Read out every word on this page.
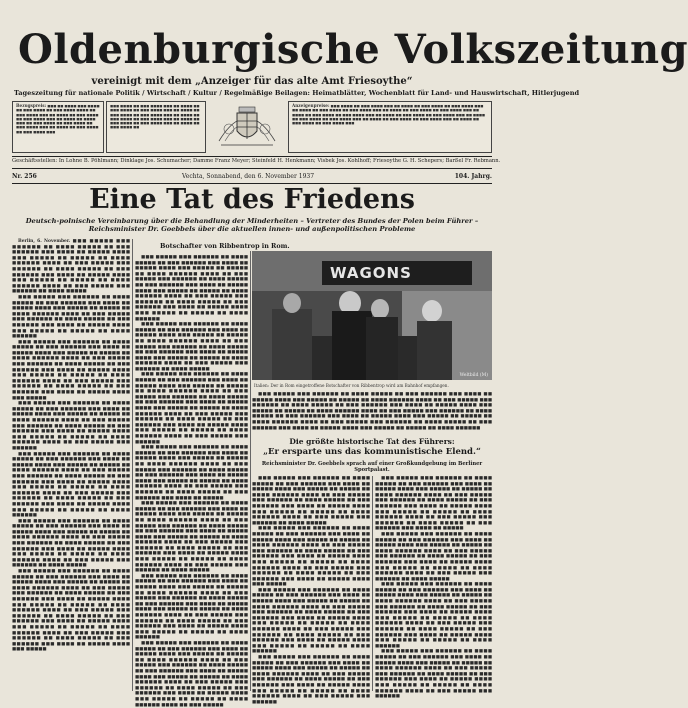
Oldenburgische Volkszeitung
vereinigt mit dem „Anzeiger für das alte Amt Friesoythe“
Tageszeitung für nationale Politik / Wirtschaft / Kultur / Regelmäßige Beilagen: Heimatblätter, Wochenblatt für Land- und Hauswirtschaft, Hitlerjugend
Bezugspreis: ■■■ ■■ ■■■■ ■■■ ■■■■ ■■ ■■■ ■■■■ ■■ ■■■ ■■■■ ■■■■ ■■ ■■■ ■■■■ ■■■ ■■ ■■■■ ■■ ■■■ ■■■■ ■■ ■■■ ■■■■ ■■■ ■■ ■■■■ ■■ ■■■■ ■■■ ■■ ■■■ ■■■■ ■■ ■■■ ■■■■ ■■ ■■■ ■■■■ ■■■ ■■ ■■■■ ■■ ■■■ ■■■■ ■■ ■■■ ■■■■ ■■■
■■■ ■■■■ ■■ ■■■ ■■■■ ■■■ ■■ ■■■■ ■■ ■■■ ■■■■ ■■ ■■■ ■■■■ ■■■ ■■ ■■■■ ■■ ■■■ ■■■■ ■■ ■■■ ■■■■ ■■■ ■■ ■■■■ ■■ ■■■ ■■■■ ■■ ■■■ ■■■■ ■■■ ■■ ■■■■ ■■ ■■■ ■■■■ ■■ ■■■ ■■■■ ■■■ ■■ ■■■■ ■■ ■■■ ■■■■ ■■
Anzeigenpreise: ■■■ ■■■■ ■■ ■■■ ■■■■ ■■■ ■■ ■■■■ ■■ ■■■ ■■■■ ■■ ■■■ ■■■■ ■■■ ■■ ■■■■ ■■ ■■■ ■■■■ ■■ ■■■ ■■■■ ■■■ ■■ ■■■■ ■■ ■■■ ■■■■ ■■ ■■■ ■■■■ ■■■ ■■ ■■■■ ■■ ■■■ ■■■■ ■■ ■■■ ■■■■ ■■■ ■■ ■■■■ ■■ ■■■ ■■■■ ■■ ■■■ ■■■■ ■■■ ■■ ■■■■ ■■ ■■■ ■■■■ ■■ ■■■ ■■■■ ■■■ ■■ ■■■■ ■■ ■■■ ■■■■ ■■ ■■■ ■■■■ ■■■ ■■ ■■■■ ■■ ■■■ ■■■■ ■■ ■■■ ■■■■ ■■■
Geschäftsstellen: In Lohne B. Pöhlmann; Dinklage Jos. Schumacher; Damme Franz Meyer; Steinfeld H. Henkmann; Visbek Jos. Kohlhoff; Friesoythe G. H. Schepers; Barßel Fr. Rebmann.
Nr. 256	Vechta, Sonnabend, den 6. November 1937	104. Jahrg.
Eine Tat des Friedens
Deutsch-polnische Vereinbarung über die Behandlung der Minderheiten – Vertreter des Bundes der Polen beim Führer – Reichsminister Dr. Goebbels über die aktuellen innen- und außenpolitischen Probleme
Botschafter von Ribbentrop in Rom.

Berlin, 6. November. ■■■ ■■■■■ ■■■ ■■■■■■ ■■ ■■■■ ■■■■■ ■■ ■■■ ■■■■■■ ■■■ ■■■■ ■■ ■■■■■ ■■■■ ■■■ ■■■■■ ■■ ■■■■■ ■■ ■■■■ ■■■■■■ ■■■■ ■■ ■■■ ■■■■■ ■■■ ■■■■■■ ■■ ■■■■ ■■■■■ ■■ ■■■ ■■■■■■ ■■■ ■■■■ ■■ ■■■■■ ■■■■ ■■■ ■■■■■ ■■ ■■■■■ ■■ ■■■■ ■■■■■■ ■■■■ ■■ ■■■ ■■■■■ ■■■ ■■■■■■ ■■ ■■■■ ■■■■■

■■■ ■■■■■ ■■■ ■■■■■■ ■■ ■■■■ ■■■■■ ■■ ■■■ ■■■■■■ ■■■ ■■■■ ■■ ■■■■■ ■■■■ ■■■ ■■■■■ ■■ ■■■■■ ■■ ■■■■ ■■■■■■ ■■■■ ■■ ■■■ ■■■■■ ■■■ ■■■■■■ ■■ ■■■■ ■■■■■ ■■ ■■■ ■■■■■■ ■■■ ■■■■ ■■ ■■■■■ ■■■■ ■■■ ■■■■■ ■■ ■■■■■ ■■ ■■■■ ■■■■■■

■■■ ■■■■■ ■■■ ■■■■■■ ■■ ■■■■ ■■■■■ ■■ ■■■ ■■■■■■ ■■■ ■■■■ ■■ ■■■■■ ■■■■ ■■■ ■■■■■ ■■ ■■■■■ ■■ ■■■■ ■■■■■■ ■■■■ ■■ ■■■ ■■■■■ ■■■ ■■■■■■ ■■ ■■■■ ■■■■■ ■■ ■■■ ■■■■■■ ■■■ ■■■■ ■■ ■■■■■ ■■■■ ■■■ ■■■■■ ■■ ■■■■■ ■■ ■■■■ ■■■■■■ ■■■■ ■■ ■■■ ■■■■■ ■■■ ■■■■■■ ■■ ■■■■ ■■■■■ ■■ ■■■ ■■■■■■ ■■■ ■■■■ ■■ ■■■■■ ■■■■ ■■■ ■■■■■

■■■ ■■■■■ ■■■ ■■■■■■ ■■ ■■■■ ■■■■■ ■■ ■■■ ■■■■■■ ■■■ ■■■■ ■■ ■■■■■ ■■■■ ■■■ ■■■■■ ■■ ■■■■■ ■■ ■■■■ ■■■■■■ ■■■■ ■■ ■■■ ■■■■■ ■■■ ■■■■■■ ■■ ■■■■ ■■■■■ ■■ ■■■ ■■■■■■ ■■■ ■■■■ ■■ ■■■■■ ■■■■ ■■■ ■■■■■ ■■ ■■■■■ ■■ ■■■■ ■■■■■■ ■■■■ ■■ ■■■ ■■■■■ ■■■ ■■■■■■

■■■ ■■■■■ ■■■ ■■■■■■ ■■ ■■■■ ■■■■■ ■■ ■■■ ■■■■■■ ■■■ ■■■■ ■■ ■■■■■ ■■■■ ■■■ ■■■■■ ■■ ■■■■■ ■■ ■■■■ ■■■■■■ ■■■■ ■■ ■■■ ■■■■■ ■■■ ■■■■■■ ■■ ■■■■ ■■■■■ ■■ ■■■ ■■■■■■ ■■■ ■■■■ ■■ ■■■■■ ■■■■ ■■■ ■■■■■ ■■ ■■■■■ ■■ ■■■■ ■■■■■■ ■■■■ ■■ ■■■ ■■■■■ ■■■ ■■■■■■ ■■ ■■■■ ■■■■■ ■■ ■■■ ■■■■■■ ■■■ ■■■■ ■■ ■■■■■ ■■■■ ■■■ ■■■■■ ■■ ■■■■■ ■■ ■■■■ ■■■■■■

■■■ ■■■■■ ■■■ ■■■■■■ ■■ ■■■■ ■■■■■ ■■ ■■■ ■■■■■■ ■■■ ■■■■ ■■ ■■■■■ ■■■■ ■■■ ■■■■■ ■■ ■■■■■ ■■ ■■■■ ■■■■■■ ■■■■ ■■ ■■■ ■■■■■ ■■■ ■■■■■■ ■■ ■■■■ ■■■■■ ■■ ■■■ ■■■■■■ ■■■ ■■■■ ■■ ■■■■■ ■■■■ ■■■ ■■■■■ ■■ ■■■■■ ■■ ■■■■ ■■■■■■ ■■■■ ■■ ■■■ ■■■■■ ■■■ ■■■■■■ ■■ ■■■■ ■■■■■

■■■ ■■■■■ ■■■ ■■■■■■ ■■ ■■■■ ■■■■■ ■■ ■■■ ■■■■■■ ■■■ ■■■■ ■■ ■■■■■ ■■■■ ■■■ ■■■■■ ■■ ■■■■■ ■■ ■■■■ ■■■■■■ ■■■■ ■■ ■■■ ■■■■■ ■■■ ■■■■■■ ■■ ■■■■ ■■■■■ ■■ ■■■ ■■■■■■ ■■■ ■■■■ ■■ ■■■■■ ■■■■ ■■■ ■■■■■ ■■ ■■■■■ ■■ ■■■■ ■■■■■■ ■■■■ ■■ ■■■ ■■■■■ ■■■ ■■■■■■ ■■ ■■■■ ■■■■■ ■■ ■■■ ■■■■■■ ■■■ ■■■■ ■■ ■■■■■ ■■■■ ■■■ ■■■■■ ■■ ■■■■■ ■■ ■■■■ ■■■■■■ ■■■■ ■■ ■■■ ■■■■■ ■■■ ■■■■■■ ■■ ■■■■ ■■■■■ ■■ ■■■ ■■■■■■ ■■■ ■■■■ ■■ ■■■■■ ■■■■ ■■■ ■■■■■

■■■ ■■■■■ ■■■ ■■■■■■ ■■ ■■■■ ■■■■■ ■■ ■■■ ■■■■■■ ■■■ ■■■■ ■■ ■■■■■ ■■■■ ■■■ ■■■■■ ■■ ■■■■■ ■■ ■■■■ ■■■■■■ ■■■■ ■■ ■■■ ■■■■■ ■■■ ■■■■■■ ■■ ■■■■ ■■■■■ ■■ ■■■ ■■■■■■ ■■■ ■■■■ ■■ ■■■■■ ■■■■ ■■■ ■■■■■ ■■ ■■■■■ ■■ ■■■■ ■■■■■■ ■■■■ ■■ ■■■ ■■■■■ ■■■ ■■■■■■ ■■ ■■■■ ■■■■■ ■■ ■■■ ■■■■■■ ■■■ ■■■■ ■■ ■■■■■ ■■■■ ■■■ ■■■■■ ■■ ■■■■■ ■■ ■■■■ ■■■■■■

■■■ ■■■■■ ■■■ ■■■■■■ ■■ ■■■■ ■■■■■ ■■ ■■■ ■■■■■■ ■■■ ■■■■ ■■ ■■■■■ ■■■■ ■■■ ■■■■■ ■■ ■■■■■ ■■ ■■■■ ■■■■■■ ■■■■ ■■ ■■■ ■■■■■ ■■■ ■■■■■■ ■■ ■■■■ ■■■■■ ■■ ■■■ ■■■■■■ ■■■ ■■■■ ■■ ■■■■■ ■■■■ ■■■ ■■■■■ ■■ ■■■■■ ■■ ■■■■ ■■■■■■ ■■■■ ■■ ■■■ ■■■■■ ■■■ ■■■■■■ ■■ ■■■■ ■■■■■

■■■ ■■■■■ ■■■ ■■■■■■ ■■ ■■■■ ■■■■■ ■■ ■■■ ■■■■■■ ■■■ ■■■■ ■■ ■■■■■ ■■■■ ■■■ ■■■■■ ■■ ■■■■■ ■■ ■■■■ ■■■■■■ ■■■■ ■■ ■■■ ■■■■■ ■■■ ■■■■■■ ■■ ■■■■ ■■■■■ ■■ ■■■ ■■■■■■ ■■■ ■■■■ ■■ ■■■■■ ■■■■ ■■■ ■■■■■ ■■ ■■■■■ ■■ ■■■■ ■■■■■■ ■■■■ ■■ ■■■ ■■■■■ ■■■ ■■■■■■ ■■ ■■■■ ■■■■■ ■■ ■■■ ■■■■■■ ■■■ ■■■■ ■■ ■■■■■ ■■■■ ■■■ ■■■■■ ■■ ■■■■■ ■■ ■■■■ ■■■■■■ ■■■■ ■■ ■■■ ■■■■■ ■■■ ■■■■■■

■■■ ■■■■■ ■■■ ■■■■■■ ■■ ■■■■ ■■■■■ ■■ ■■■ ■■■■■■ ■■■ ■■■■ ■■ ■■■■■ ■■■■ ■■■ ■■■■■ ■■ ■■■■■ ■■ ■■■■ ■■■■■■ ■■■■ ■■ ■■■ ■■■■■ ■■■ ■■■■■■ ■■ ■■■■ ■■■■■ ■■ ■■■ ■■■■■■ ■■■ ■■■■ ■■ ■■■■■ ■■■■ ■■■ ■■■■■ ■■ ■■■■■ ■■ ■■■■ ■■■■■■ ■■■■ ■■ ■■■ ■■■■■ ■■■ ■■■■■■ ■■ ■■■■ ■■■■■ ■■ ■■■ ■■■■■■ ■■■ ■■■■ ■■ ■■■■■

■■■ ■■■■■ ■■■ ■■■■■■ ■■ ■■■■ ■■■■■ ■■ ■■■ ■■■■■■ ■■■ ■■■■ ■■ ■■■■■ ■■■■ ■■■ ■■■■■ ■■ ■■■■■ ■■ ■■■■ ■■■■■■ ■■■■ ■■ ■■■ ■■■■■ ■■■ ■■■■■■ ■■ ■■■■ ■■■■■ ■■ ■■■ ■■■■■■ ■■■ ■■■■ ■■ ■■■■■ ■■■■ ■■■ ■■■■■ ■■ ■■■■■ ■■ ■■■■ ■■■■■■ ■■■■ ■■ ■■■ ■■■■■ ■■■ ■■■■■■ ■■ ■■■■ ■■■■■ ■■ ■■■ ■■■■■■ ■■■ ■■■■ ■■ ■■■■■ ■■■■ ■■■ ■■■■■ ■■ ■■■■■ ■■ ■■■■ ■■■■■■ ■■■■ ■■ ■■■ ■■■■■ ■■■ ■■■■■■ ■■ ■■■■ ■■■■■

■■■ ■■■■■ ■■■ ■■■■■■ ■■ ■■■■ ■■■■■ ■■ ■■■ ■■■■■■ ■■■ ■■■■ ■■ ■■■■■ ■■■■ ■■■ ■■■■■ ■■ ■■■■■ ■■ ■■■■ ■■■■■■ ■■■■ ■■ ■■■ ■■■■■ ■■■ ■■■■■■ ■■ ■■■■ ■■■■■ ■■ ■■■ ■■■■■■ ■■■ ■■■■ ■■ ■■■■■ ■■■■ ■■■ ■■■■■ ■■ ■■■■■ ■■ ■■■■ ■■■■■■ ■■■■ ■■ ■■■ ■■■■■ ■■■ ■■■■■■ ■■ ■■■■ ■■■■■ ■■ ■■■ ■■■■■■ ■■■ ■■■■ ■■ ■■■■■ ■■■■ ■■■ ■■■■■ ■■ ■■■■■ ■■ ■■■■ ■■■■■■

■■■ ■■■■■ ■■■ ■■■■■■ ■■ ■■■■ ■■■■■ ■■ ■■■ ■■■■■■ ■■■ ■■■■ ■■ ■■■■■ ■■■■ ■■■ ■■■■■ ■■ ■■■■■ ■■ ■■■■ ■■■■■■ ■■■■ ■■ ■■■ ■■■■■ ■■■ ■■■■■■ ■■ ■■■■ ■■■■■ ■■ ■■■ ■■■■■■ ■■■ ■■■■ ■■ ■■■■■ ■■■■ ■■■ ■■■■■ ■■ ■■■■■ ■■ ■■■■ ■■■■■■ ■■■■ ■■ ■■■ ■■■■■ ■■■ ■■■■■■ ■■ ■■■■ ■■■■■ ■■ ■■■ ■■■■■■ ■■■ ■■■■ ■■ ■■■■■ ■■■■ ■■■ ■■■■■ ■■ ■■■■■ ■■ ■■■■ ■■■■■■ ■■■■ ■■ ■■■ ■■■■■

WAGONS
Weltbild (M)
Italien: Der in Rom eingetroffene Botschafter von Ribbentrop wird am Bahnhof empfangen.

■■■ ■■■■■ ■■■ ■■■■■■ ■■ ■■■■ ■■■■■ ■■ ■■■ ■■■■■■ ■■■ ■■■■ ■■ ■■■■■ ■■■■ ■■■ ■■■■■ ■■ ■■■■■ ■■ ■■■■ ■■■■■■ ■■■■ ■■ ■■■ ■■■■■ ■■■ ■■■■■■ ■■ ■■■■ ■■■■■ ■■ ■■■ ■■■■■■ ■■■ ■■■■ ■■ ■■■■■ ■■■■ ■■■ ■■■■■ ■■ ■■■■■ ■■ ■■■■ ■■■■■■ ■■■■ ■■ ■■■ ■■■■■ ■■■ ■■■■■■ ■■ ■■■■ ■■■■■ ■■ ■■■ ■■■■■■ ■■■ ■■■■ ■■ ■■■■■ ■■■■ ■■■ ■■■■■ ■■ ■■■■■ ■■ ■■■■ ■■■■■■ ■■■■ ■■ ■■■ ■■■■■ ■■■ ■■■■■■ ■■ ■■■■ ■■■■■ ■■ ■■■ ■■■■■■ ■■■ ■■■■ ■■ ■■■■■ ■■■■ ■■■ ■■■■■ ■■ ■■■■■ ■■ ■■■■ ■■■■■■

Die größte historische Tat des Führers:
„Er ersparte uns das kommunistische Elend.“
Reichsminister Dr. Goebbels sprach auf einer Großkundgebung im Berliner Sportpalast.

■■■ ■■■■■ ■■■ ■■■■■■ ■■ ■■■■ ■■■■■ ■■ ■■■ ■■■■■■ ■■■ ■■■■ ■■ ■■■■■ ■■■■ ■■■ ■■■■■ ■■ ■■■■■ ■■ ■■■■ ■■■■■■ ■■■■ ■■ ■■■ ■■■■■ ■■■ ■■■■■■ ■■ ■■■■ ■■■■■ ■■ ■■■ ■■■■■■ ■■■ ■■■■ ■■ ■■■■■ ■■■■ ■■■ ■■■■■ ■■ ■■■■■ ■■ ■■■■ ■■■■■■ ■■■■ ■■ ■■■ ■■■■■ ■■■ ■■■■■■ ■■ ■■■■ ■■■■■

■■■ ■■■■■ ■■■ ■■■■■■ ■■ ■■■■ ■■■■■ ■■ ■■■ ■■■■■■ ■■■ ■■■■ ■■ ■■■■■ ■■■■ ■■■ ■■■■■ ■■ ■■■■■ ■■ ■■■■ ■■■■■■ ■■■■ ■■ ■■■ ■■■■■ ■■■ ■■■■■■ ■■ ■■■■ ■■■■■ ■■ ■■■ ■■■■■■ ■■■ ■■■■ ■■ ■■■■■ ■■■■ ■■■ ■■■■■ ■■ ■■■■■ ■■ ■■■■ ■■■■■■ ■■■■ ■■ ■■■ ■■■■■ ■■■ ■■■■■■ ■■ ■■■■ ■■■■■ ■■ ■■■ ■■■■■■ ■■■ ■■■■ ■■ ■■■■■ ■■■■ ■■■ ■■■■■

■■■ ■■■■■ ■■■ ■■■■■■ ■■ ■■■■ ■■■■■ ■■ ■■■ ■■■■■■ ■■■ ■■■■ ■■ ■■■■■ ■■■■ ■■■ ■■■■■ ■■ ■■■■■ ■■ ■■■■ ■■■■■■ ■■■■ ■■ ■■■ ■■■■■ ■■■ ■■■■■■ ■■ ■■■■ ■■■■■ ■■ ■■■ ■■■■■■ ■■■ ■■■■ ■■ ■■■■■ ■■■■ ■■■ ■■■■■ ■■ ■■■■■ ■■ ■■■■ ■■■■■■ ■■■■ ■■ ■■■ ■■■■■ ■■■ ■■■■■■ ■■ ■■■■ ■■■■■ ■■ ■■■ ■■■■■■ ■■■ ■■■■ ■■ ■■■■■ ■■■■ ■■■ ■■■■■ ■■ ■■■■■ ■■ ■■■■ ■■■■■■

■■■ ■■■■■ ■■■ ■■■■■■ ■■ ■■■■ ■■■■■ ■■ ■■■ ■■■■■■ ■■■ ■■■■ ■■ ■■■■■ ■■■■ ■■■ ■■■■■ ■■ ■■■■■ ■■ ■■■■ ■■■■■■ ■■■■ ■■ ■■■ ■■■■■ ■■■ ■■■■■■ ■■ ■■■■ ■■■■■ ■■ ■■■ ■■■■■■ ■■■ ■■■■ ■■ ■■■■■ ■■■■ ■■■ ■■■■■ ■■ ■■■■■ ■■ ■■■■ ■■■■■■ ■■■■ ■■ ■■■ ■■■■■ ■■■ ■■■■■■

■■■ ■■■■■ ■■■ ■■■■■■ ■■ ■■■■ ■■■■■ ■■ ■■■ ■■■■■■ ■■■ ■■■■ ■■ ■■■■■ ■■■■ ■■■ ■■■■■ ■■ ■■■■■ ■■ ■■■■ ■■■■■■ ■■■■ ■■ ■■■ ■■■■■ ■■■ ■■■■■■ ■■ ■■■■ ■■■■■ ■■ ■■■ ■■■■■■ ■■■ ■■■■ ■■ ■■■■■ ■■■■ ■■■ ■■■■■ ■■ ■■■■■ ■■ ■■■■ ■■■■■■ ■■■■ ■■ ■■■ ■■■■■ ■■■ ■■■■■■ ■■ ■■■■ ■■■■■ ■■ ■■■ ■■■■■■ ■■■ ■■■■ ■■ ■■■■■

■■■ ■■■■■ ■■■ ■■■■■■ ■■ ■■■■ ■■■■■ ■■ ■■■ ■■■■■■ ■■■ ■■■■ ■■ ■■■■■ ■■■■ ■■■ ■■■■■ ■■ ■■■■■ ■■ ■■■■ ■■■■■■ ■■■■ ■■ ■■■ ■■■■■ ■■■ ■■■■■■ ■■ ■■■■ ■■■■■ ■■ ■■■ ■■■■■■ ■■■ ■■■■ ■■ ■■■■■ ■■■■ ■■■ ■■■■■ ■■ ■■■■■ ■■ ■■■■ ■■■■■■ ■■■■ ■■ ■■■ ■■■■■ ■■■ ■■■■■■ ■■ ■■■■ ■■■■■

■■■ ■■■■■ ■■■ ■■■■■■ ■■ ■■■■ ■■■■■ ■■ ■■■ ■■■■■■ ■■■ ■■■■ ■■ ■■■■■ ■■■■ ■■■ ■■■■■ ■■ ■■■■■ ■■ ■■■■ ■■■■■■ ■■■■ ■■ ■■■ ■■■■■ ■■■ ■■■■■■ ■■ ■■■■ ■■■■■ ■■ ■■■ ■■■■■■ ■■■ ■■■■ ■■ ■■■■■ ■■■■ ■■■ ■■■■■ ■■ ■■■■■ ■■ ■■■■ ■■■■■■ ■■■■ ■■ ■■■ ■■■■■ ■■■ ■■■■■■ ■■ ■■■■ ■■■■■ ■■ ■■■ ■■■■■■ ■■■ ■■■■ ■■ ■■■■■ ■■■■ ■■■ ■■■■■ ■■ ■■■■■ ■■ ■■■■ ■■■■■■

■■■ ■■■■■ ■■■ ■■■■■■ ■■ ■■■■ ■■■■■ ■■ ■■■ ■■■■■■ ■■■ ■■■■ ■■ ■■■■■ ■■■■ ■■■ ■■■■■ ■■ ■■■■■ ■■ ■■■■ ■■■■■■ ■■■■ ■■ ■■■ ■■■■■ ■■■ ■■■■■■ ■■ ■■■■ ■■■■■ ■■ ■■■ ■■■■■■ ■■■ ■■■■ ■■ ■■■■■ ■■■■ ■■■ ■■■■■ ■■ ■■■■■ ■■ ■■■■ ■■■■■■ ■■■■ ■■ ■■■ ■■■■■ ■■■ ■■■■■■
